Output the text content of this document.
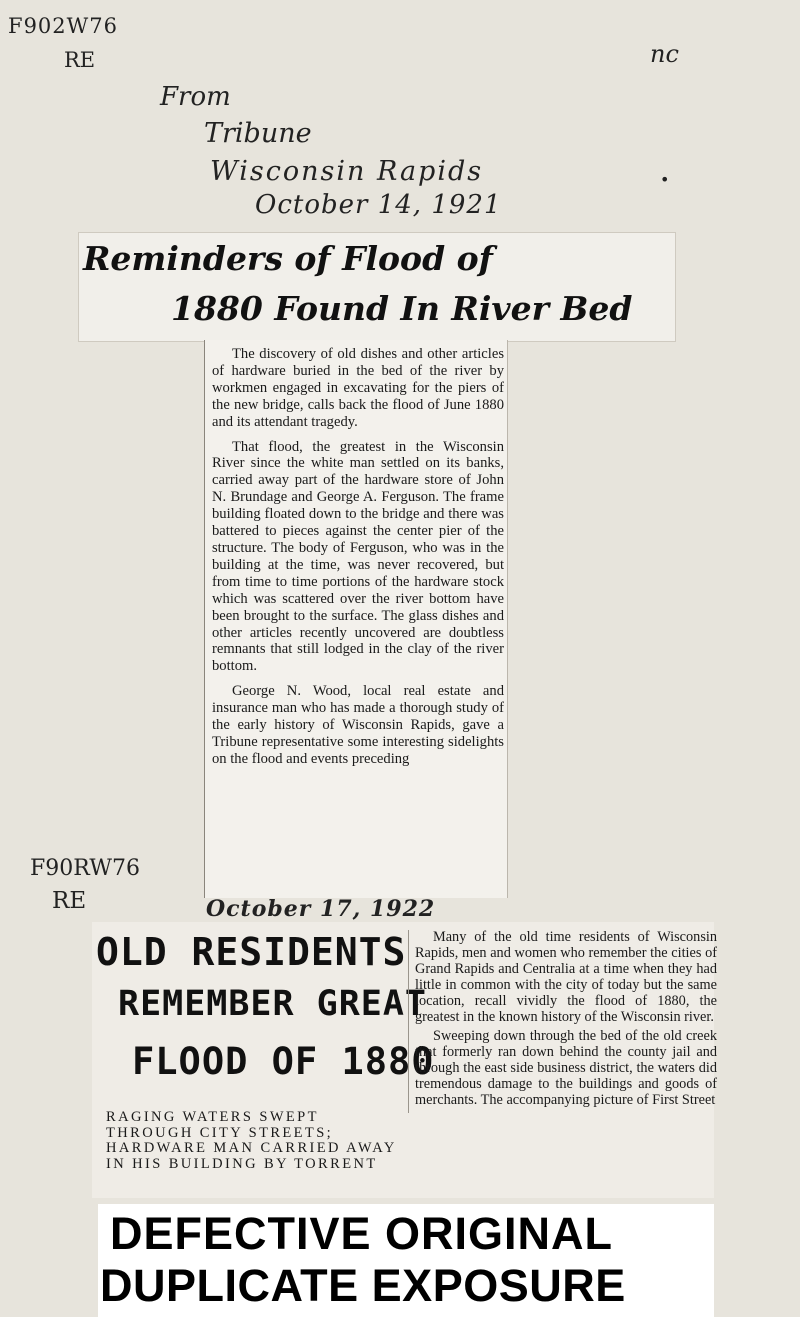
F902W76
RE	nc
From
Tribune
Wisconsin Rapids
October 14, 1921
•
Reminders of Flood of
1880 Found In River Bed

The discovery of old dishes and other articles of hardware buried in the bed of the river by workmen engaged in excavating for the piers of the new bridge, calls back the flood of June 1880 and its attendant tragedy.

That flood, the greatest in the Wisconsin River since the white man settled on its banks, carried away part of the hardware store of John N. Brundage and George A. Ferguson. The frame building floated down to the bridge and there was battered to pieces against the center pier of the structure. The body of Ferguson, who was in the building at the time, was never recovered, but from time to time portions of the hardware stock which was scattered over the river bottom have been brought to the surface. The glass dishes and other articles recently uncovered are doubtless remnants that still lodged in the clay of the river bottom.

George N. Wood, local real estate and insurance man who has made a thorough study of the early history of Wisconsin Rapids, gave a Tribune representative some interesting sidelights on the flood and events preceding

F90RW76
RE	October 17, 1922
OLD RESIDENTS
REMEMBER GREAT
FLOOD OF 1880
RAGING WATERS SWEPT THROUGH CITY STREETS; HARDWARE MAN CARRIED AWAY IN HIS BUILDING BY TORRENT

Many of the old time residents of Wisconsin Rapids, men and women who remember the cities of Grand Rapids and Centralia at a time when they had little in common with the city of today but the same location, recall vividly the flood of 1880, the greatest in the known history of the Wisconsin river.

Sweeping down through the bed of the old creek that formerly ran down behind the county jail and through the east side business district, the waters did tremendous damage to the buildings and goods of merchants. The accompanying picture of First Street

DEFECTIVE ORIGINAL
DUPLICATE EXPOSURE
